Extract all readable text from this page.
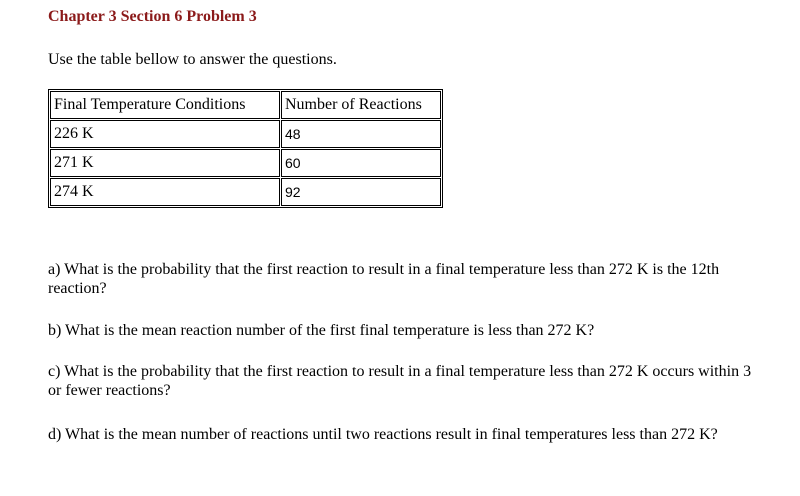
Chapter 3 Section 6 Problem 3
Use the table bellow to answer the questions.
Final Temperature Conditions	Number of Reactions
226 K	48
271 K	60
274 K	92
a) What is the probability that the first reaction to result in a final temperature less than 272 K is the 12th reaction?
b) What is the mean reaction number of the first final temperature is less than 272 K?
c) What is the probability that the first reaction to result in a final temperature less than 272 K occurs within 3 or fewer reactions?
d) What is the mean number of reactions until two reactions result in final temperatures less than 272 K?
